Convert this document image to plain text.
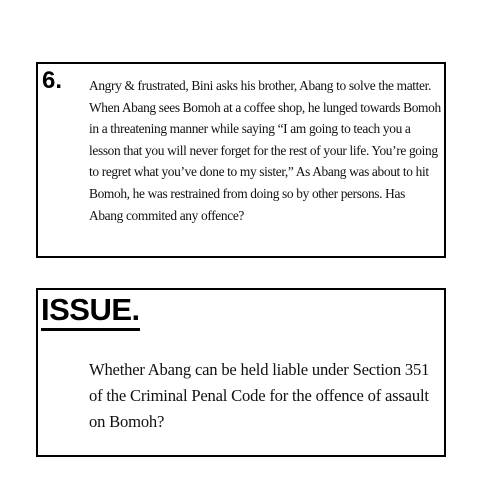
6. Angry & frustrated, Bini asks his brother, Abang to solve the matter. When Abang sees Bomoh at a coffee shop, he lunged towards Bomoh in a threatening manner while saying “I am going to teach you a lesson that you will never forget for the rest of your life. You’re going to regret what you’ve done to my sister,” As Abang was about to hit Bomoh, he was restrained from doing so by other persons. Has Abang commited any offence?
ISSUE.
Whether Abang can be held liable under Section 351 of the Criminal Penal Code for the offence of assault on Bomoh?
